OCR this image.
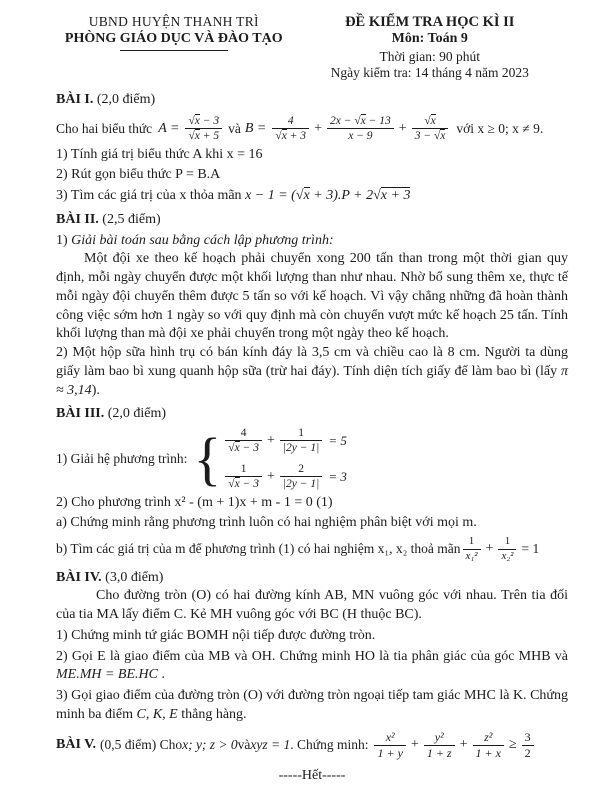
UBND HUYỆN THANH TRÌ
PHÒNG GIÁO DỤC VÀ ĐÀO TẠO
ĐỀ KIỂM TRA HỌC KÌ II
Môn: Toán 9
Thời gian: 90 phút
Ngày kiểm tra: 14 tháng 4 năm 2023

BÀI I. (2,0 điểm)

Cho hai biểu thức $A = \frac{√x - 3}{√x + 5}$ và $B = \frac{4}{√x + 3} + \frac{2x - √x - 13}{x - 9} + \frac{√x}{3 - √x}$ với x ≥ 0; x ≠ 9.

1) Tính giá trị biểu thức A khi x = 16

2) Rút gọn biểu thức P = B.A

3) Tìm các giá trị của x thỏa mãn x − 1 = (√x + 3).P + 2√x + 3

BÀI II. (2,5 điểm)

1) Giải bài toán sau bằng cách lập phương trình:

Một đội xe theo kế hoạch phải chuyển xong 200 tấn than trong một thời gian quy định, mỗi ngày chuyển được một khối lượng than như nhau. Nhờ bổ sung thêm xe, thực tế mỗi ngày đội chuyển thêm được 5 tấn so với kế hoạch. Vì vậy chẳng những đã hoàn thành công việc sớm hơn 1 ngày so với quy định mà còn chuyển vượt mức kế hoạch 25 tấn. Tính khối lượng than mà đội xe phải chuyển trong một ngày theo kế hoạch.

2) Một hộp sữa hình trụ có bán kính đáy là 3,5 cm và chiều cao là 8 cm. Người ta dùng giấy làm bao bì xung quanh hộp sữa (trừ hai đáy). Tính diện tích giấy để làm bao bì (lấy π ≈ 3,14).

BÀI III. (2,0 điểm)

1) Giải hệ phương trình: { $\frac{4}{√x - 3} + \frac{1}{|2y - 1|} = 5$
$\frac{1}{√x - 3} + \frac{2}{|2y - 1|} = 3$

2) Cho phương trình x² - (m + 1)x + m - 1 = 0 (1)

a) Chứng minh rằng phương trình luôn có hai nghiệm phân biệt với mọi m.

b) Tìm các giá trị của m để phương trình (1) có hai nghiệm x₁, x₂ thoả mãn $\frac{1}{\text{x₁²}} + \frac{1}{\text{x₂²}} = 1$

BÀI IV. (3,0 điểm)

Cho đường tròn (O) có hai đường kính AB, MN vuông góc với nhau. Trên tia đối của tia MA lấy điểm C. Kẻ MH vuông góc với BC (H thuộc BC).

1) Chứng minh tứ giác BOMH nội tiếp được đường tròn.

2) Gọi E là giao điểm của MB và OH. Chứng minh HO là tia phân giác của góc MHB và ME.MH = BE.HC .

3) Gọi giao điểm của đường tròn (O) với đường tròn ngoại tiếp tam giác MHC là K. Chứng minh ba điểm C, K, E thẳng hàng.

BÀI V. (0,5 điểm) Cho x; y; z > 0 và xyz = 1 . Chứng minh: $\frac{\text{x²}}{1 + y} + \frac{\text{y²}}{1 + z} + \frac{\text{z²}}{1 + x} \ge \frac{3}{2}$
-----Hết-----
